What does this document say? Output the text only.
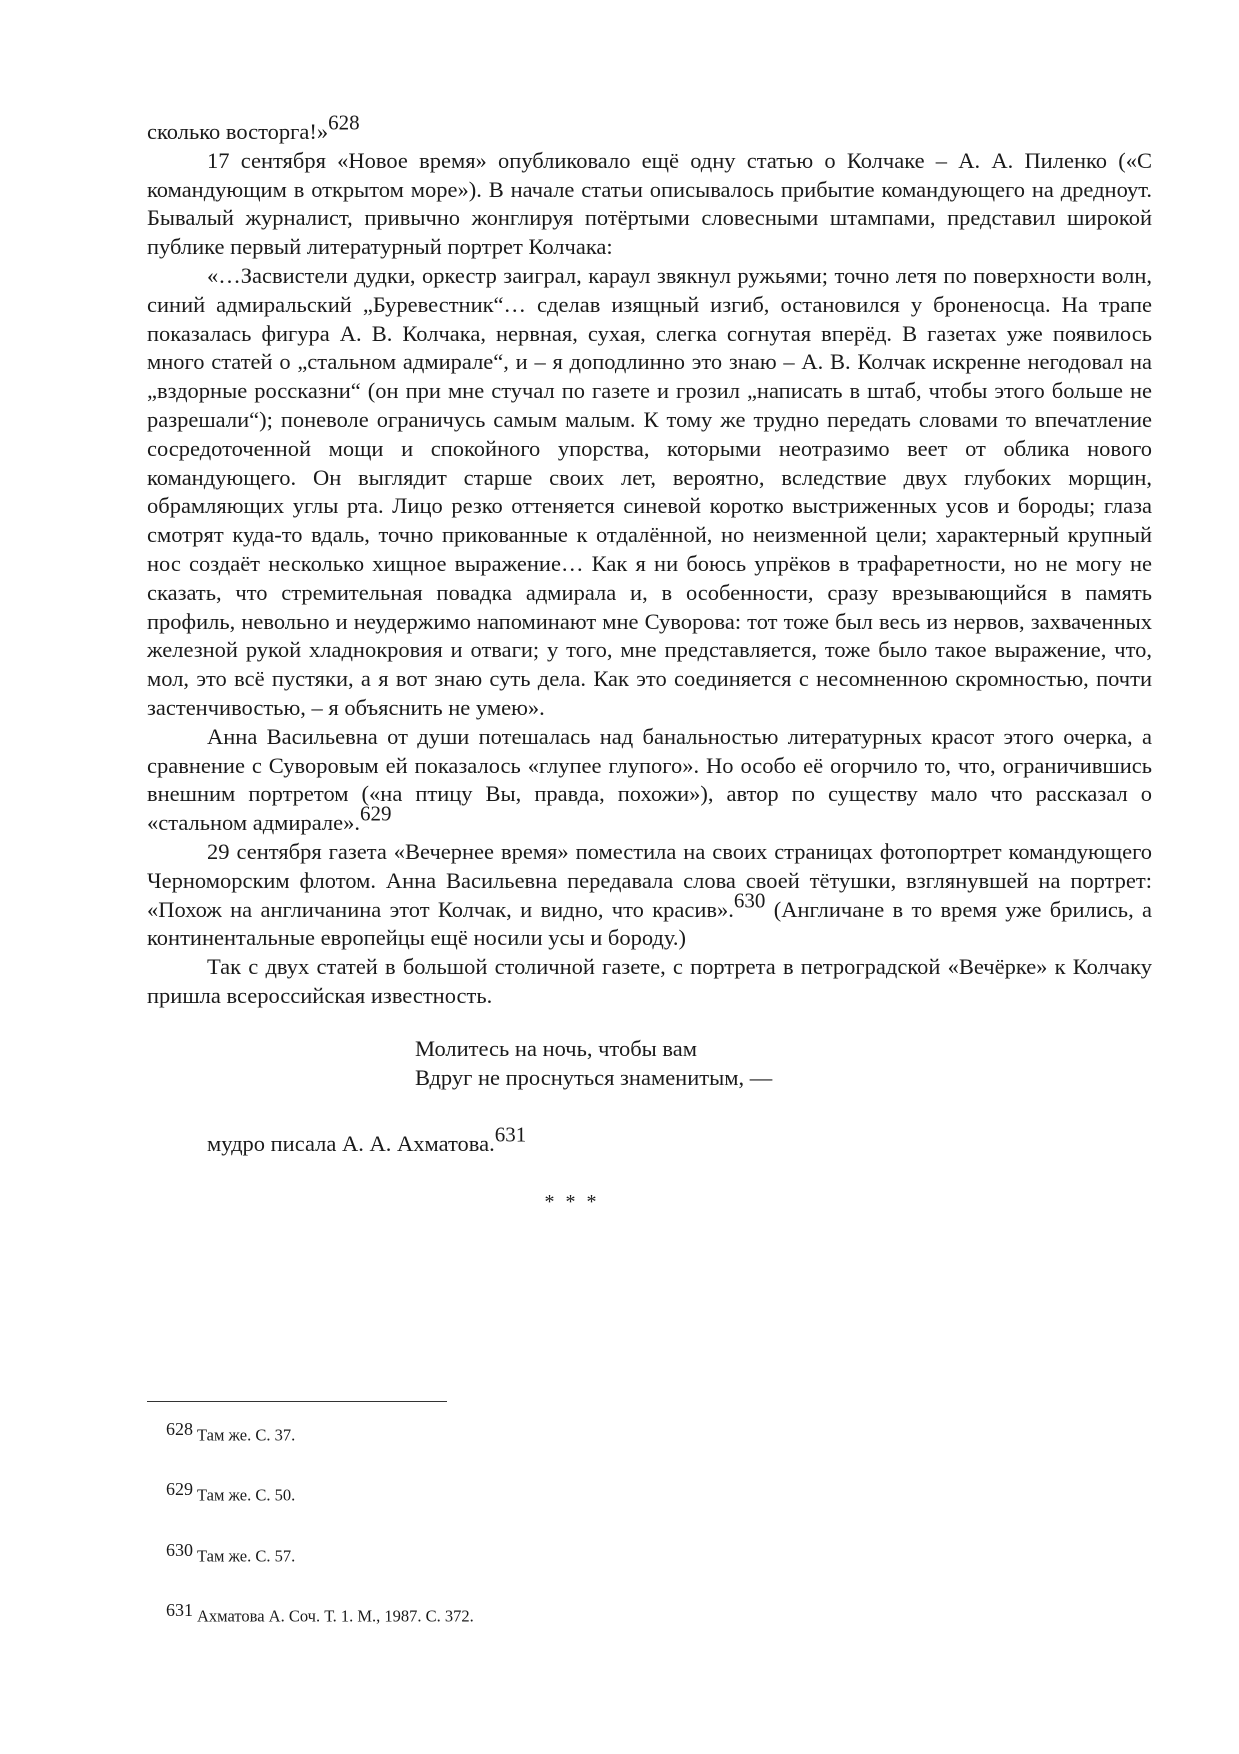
сколько восторга!»$^{628}$

17 сентября «Новое время» опубликовало ещё одну статью о Колчаке – А. А. Пиленко («С командующим в открытом море»). В начале статьи описывалось прибытие командующего на дредноут. Бывалый журналист, привычно жонглируя потёртыми словесными штампами, представил широкой публике первый литературный портрет Колчака:

«…Засвистели дудки, оркестр заиграл, караул звякнул ружьями; точно летя по поверхности волн, синий адмиральский „Буревестник“… сделав изящный изгиб, остановился у броненосца. На трапе показалась фигура А. В. Колчака, нервная, сухая, слегка согнутая вперёд. В газетах уже появилось много статей о „стальном адмирале“, и – я доподлинно это знаю – А. В. Колчак искренне негодовал на „вздорные россказни“ (он при мне стучал по газете и грозил „написать в штаб, чтобы этого больше не разрешали“); поневоле ограничусь самым малым. К тому же трудно передать словами то впечатление сосредоточенной мощи и спокойного упорства, которыми неотразимо веет от облика нового командующего. Он выглядит старше своих лет, вероятно, вследствие двух глубоких морщин, обрамляющих углы рта. Лицо резко оттеняется синевой коротко выстриженных усов и бороды; глаза смотрят куда-то вдаль, точно прикованные к отдалённой, но неизменной цели; характерный крупный нос создаёт несколько хищное выражение… Как я ни боюсь упрёков в трафаретности, но не могу не сказать, что стремительная повадка адмирала и, в особенности, сразу врезывающийся в память профиль, невольно и неудержимо напоминают мне Суворова: тот тоже был весь из нервов, захваченных железной рукой хладнокровия и отваги; у того, мне представляется, тоже было такое выражение, что, мол, это всё пустяки, а я вот знаю суть дела. Как это соединяется с несомненною скромностью, почти застенчивостью, – я объяснить не умею».

Анна Васильевна от души потешалась над банальностью литературных красот этого очерка, а сравнение с Суворовым ей показалось «глупее глупого». Но особо её огорчило то, что, ограничившись внешним портретом («на птицу Вы, правда, похожи»), автор по существу мало что рассказал о «стальном адмирале».$^{629}$

29 сентября газета «Вечернее время» поместила на своих страницах фотопортрет командующего Черноморским флотом. Анна Васильевна передавала слова своей тётушки, взглянувшей на портрет: «Похож на англичанина этот Колчак, и видно, что красив».$^{630}$ (Англичане в то время уже брились, а континентальные европейцы ещё носили усы и бороду.)

Так с двух статей в большой столичной газете, с портрета в петроградской «Вечёрке» к Колчаку пришла всероссийская известность.

Молитесь на ночь, чтобы вам
Вдруг не проснуться знаменитым, —
мудро писала А. А. Ахматова.$^{631}$
* * *
628 Там же. С. 37.
629 Там же. С. 50.
630 Там же. С. 57.
631 Ахматова А. Соч. Т. 1. М., 1987. С. 372.
